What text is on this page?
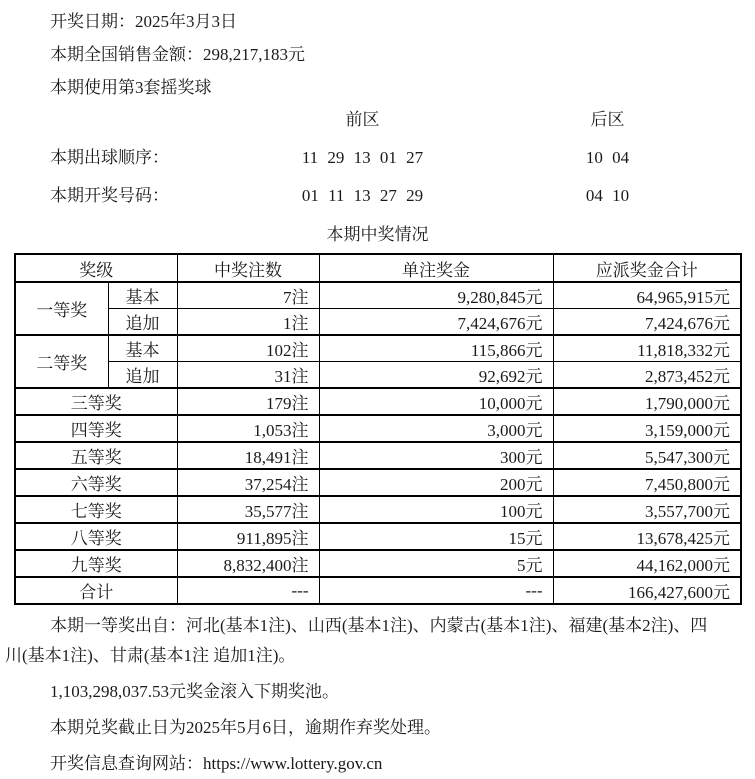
开奖日期：2025年3月3日

本期全国销售金额：298,217,183元

本期使用第3套摇奖球

前区	后区
本期出球顺序：	11 29 13 01 27	10 04
本期开奖号码：	01 11 13 27 29	04 10

本期中奖情况

奖级		中奖注数	单注奖金	应派奖金合计
一等奖	基本	7注	9,280,845元	64,965,915元
	追加	1注	7,424,676元	7,424,676元
二等奖	基本	102注	115,866元	11,818,332元
	追加	31注	92,692元	2,873,452元
三等奖		179注	10,000元	1,790,000元
四等奖		1,053注	3,000元	3,159,000元
五等奖		18,491注	300元	5,547,300元
六等奖		37,254注	200元	7,450,800元
七等奖		35,577注	100元	3,557,700元
八等奖		911,895注	15元	13,678,425元
九等奖		8,832,400注	5元	44,162,000元
合计		---	---	166,427,600元

本期一等奖出自：河北(基本1注)、山西(基本1注)、内蒙古(基本1注)、福建(基本2注)、四川(基本1注)、甘肃(基本1注 追加1注)。

1,103,298,037.53元奖金滚入下期奖池。

本期兑奖截止日为2025年5月6日，逾期作弃奖处理。

开奖信息查询网站：https://www.lottery.gov.cn
